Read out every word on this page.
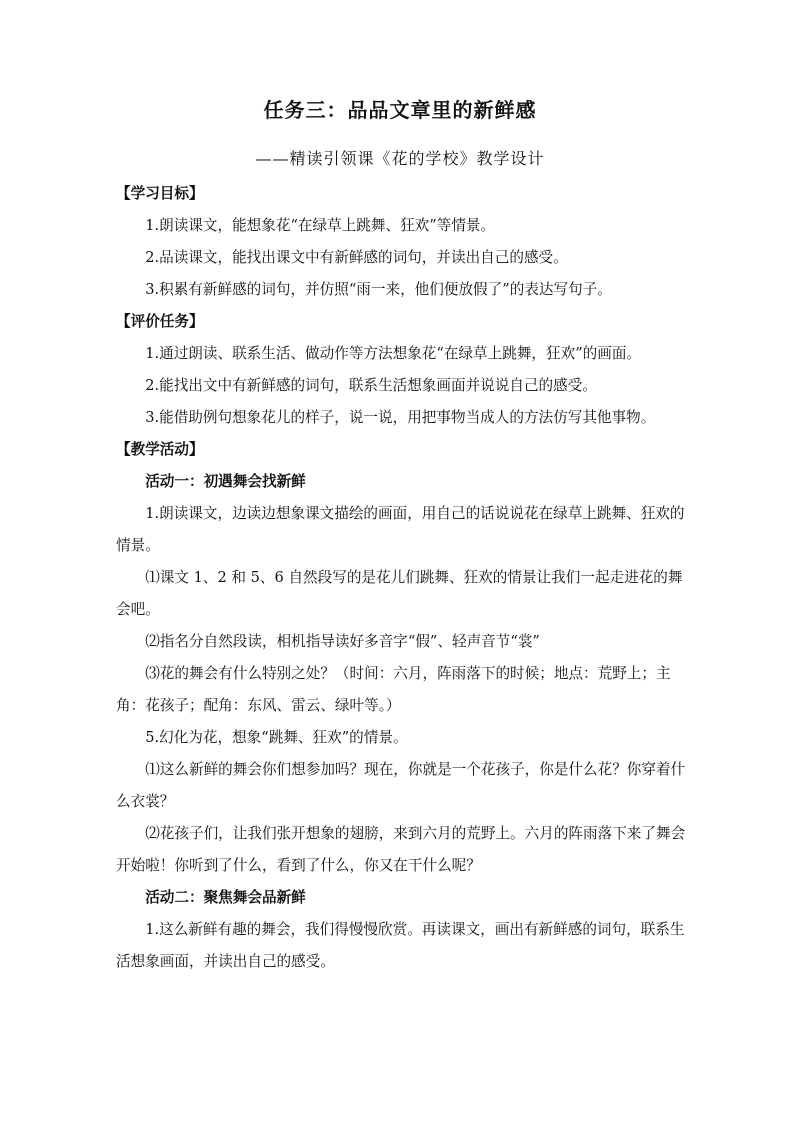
任务三：品品文章里的新鲜感
——精读引领课《花的学校》教学设计

【学习目标】

1.朗读课文，能想象花“在绿草上跳舞、狂欢”等情景。

2.品读课文，能找出课文中有新鲜感的词句，并读出自己的感受。

3.积累有新鲜感的词句，并仿照“雨一来，他们便放假了”的表达写句子。

【评价任务】

1.通过朗读、联系生活、做动作等方法想象花“在绿草上跳舞，狂欢”的画面。

2.能找出文中有新鲜感的词句，联系生活想象画面并说说自己的感受。

3.能借助例句想象花儿的样子，说一说，用把事物当成人的方法仿写其他事物。

【教学活动】

活动一：初遇舞会找新鲜

1.朗读课文，边读边想象课文描绘的画面，用自己的话说说花在绿草上跳舞、狂欢的情景。

⑴课文 1、2 和 5、6 自然段写的是花儿们跳舞、狂欢的情景让我们一起走进花的舞会吧。

⑵指名分自然段读，相机指导读好多音字“假”、轻声音节“裳”

⑶花的舞会有什么特别之处？（时间：六月，阵雨落下的时候；地点：荒野上；主角：花孩子；配角：东风、雷云、绿叶等。）

5.幻化为花，想象“跳舞、狂欢”的情景。

⑴这么新鲜的舞会你们想参加吗？现在，你就是一个花孩子，你是什么花？你穿着什么衣裳？

⑵花孩子们，让我们张开想象的翅膀，来到六月的荒野上。六月的阵雨落下来了舞会开始啦！你听到了什么，看到了什么，你又在干什么呢？

活动二：聚焦舞会品新鲜

1.这么新鲜有趣的舞会，我们得慢慢欣赏。再读课文，画出有新鲜感的词句，联系生活想象画面，并读出自己的感受。
